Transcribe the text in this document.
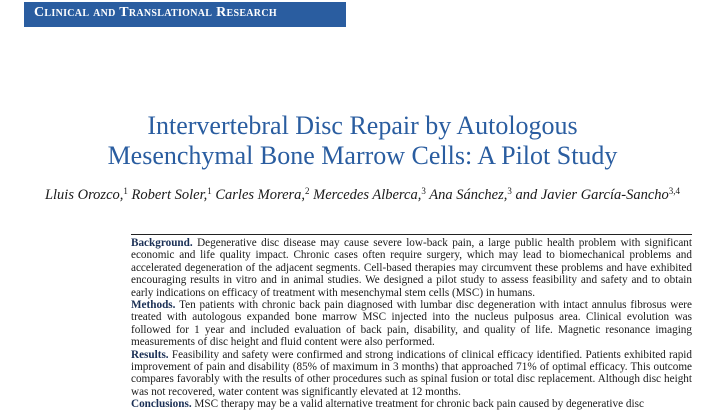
Clinical and Translational Research
Intervertebral Disc Repair by Autologous
Mesenchymal Bone Marrow Cells: A Pilot Study
Lluis Orozco,$^1$ Robert Soler,$^1$ Carles Morera,$^2$ Mercedes Alberca,$^3$ Ana Sánchez,$^3$ and Javier García-Sancho$^{3,4}$

Background. Degenerative disc disease may cause severe low-back pain, a large public health problem with significant economic and life quality impact. Chronic cases often require surgery, which may lead to biomechanical problems and accelerated degeneration of the adjacent segments. Cell-based therapies may circumvent these problems and have exhibited encouraging results in vitro and in animal studies. We designed a pilot study to assess feasibility and safety and to obtain early indications on efficacy of treatment with mesenchymal stem cells (MSC) in humans.

Methods. Ten patients with chronic back pain diagnosed with lumbar disc degeneration with intact annulus fibrosus were treated with autologous expanded bone marrow MSC injected into the nucleus pulposus area. Clinical evolution was followed for 1 year and included evaluation of back pain, disability, and quality of life. Magnetic resonance imaging measurements of disc height and fluid content were also performed.

Results. Feasibility and safety were confirmed and strong indications of clinical efficacy identified. Patients exhibited rapid improvement of pain and disability (85% of maximum in 3 months) that approached 71% of optimal efficacy. This outcome compares favorably with the results of other procedures such as spinal fusion or total disc replacement. Although disc height was not recovered, water content was significantly elevated at 12 months.

Conclusions. MSC therapy may be a valid alternative treatment for chronic back pain caused by degenerative disc
